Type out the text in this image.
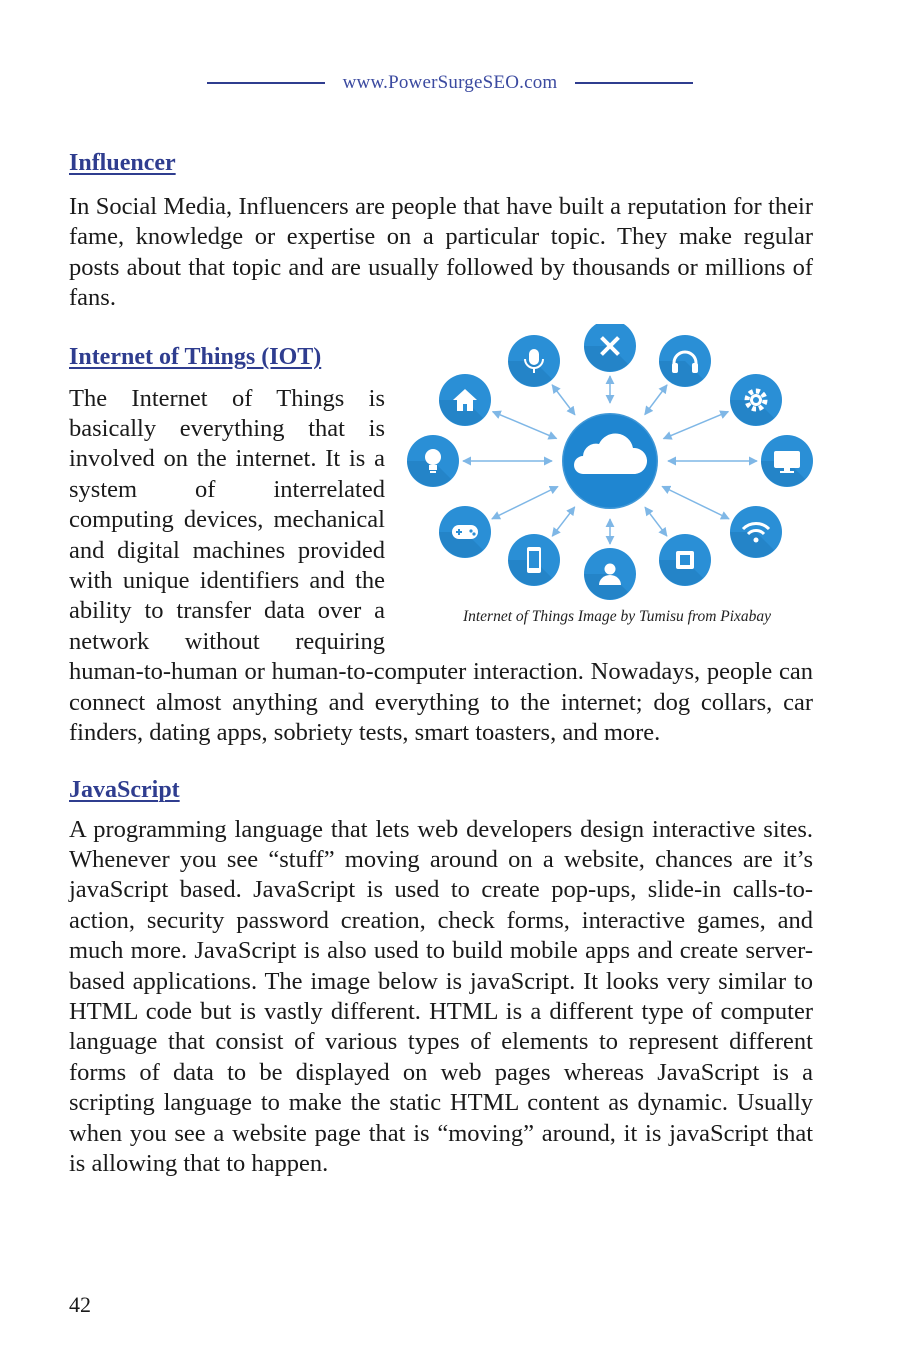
www.PowerSurgeSEO.com
Influencer

In Social Media, Influencers are people that have built a reputation for their fame, knowledge or expertise on a particular topic. They make regular posts about that topic and are usually followed by thousands or millions of fans.

Internet of Things Image by Tumisu from Pixabay
Internet of Things (IOT)

The Internet of Things is basically everything that is involved on the internet. It is a system of interrelated computing devices, mechanical and digital machines provided with unique identifiers and the ability to transfer data over a network without requiring human-to-human or human-to-computer interaction. Nowadays, people can connect almost anything and everything to the internet; dog collars, car finders, dating apps, sobriety tests, smart toasters, and more.

JavaScript

A programming language that lets web developers design interactive sites. Whenever you see “stuff” moving around on a website, chances are it’s javaScript based. JavaScript is used to create pop-ups, slide-in calls-to-action, security password creation, check forms, interactive games, and much more. JavaScript is also used to build mobile apps and create server-based applications. The image below is javaScript. It looks very similar to HTML code but is vastly different. HTML is a different type of computer language that consist of various types of elements to represent different forms of data to be displayed on web pages whereas JavaScript is a scripting language to make the static HTML content as dynamic. Usually when you see a website page that is “moving” around, it is javaScript that is allowing that to happen.

42
